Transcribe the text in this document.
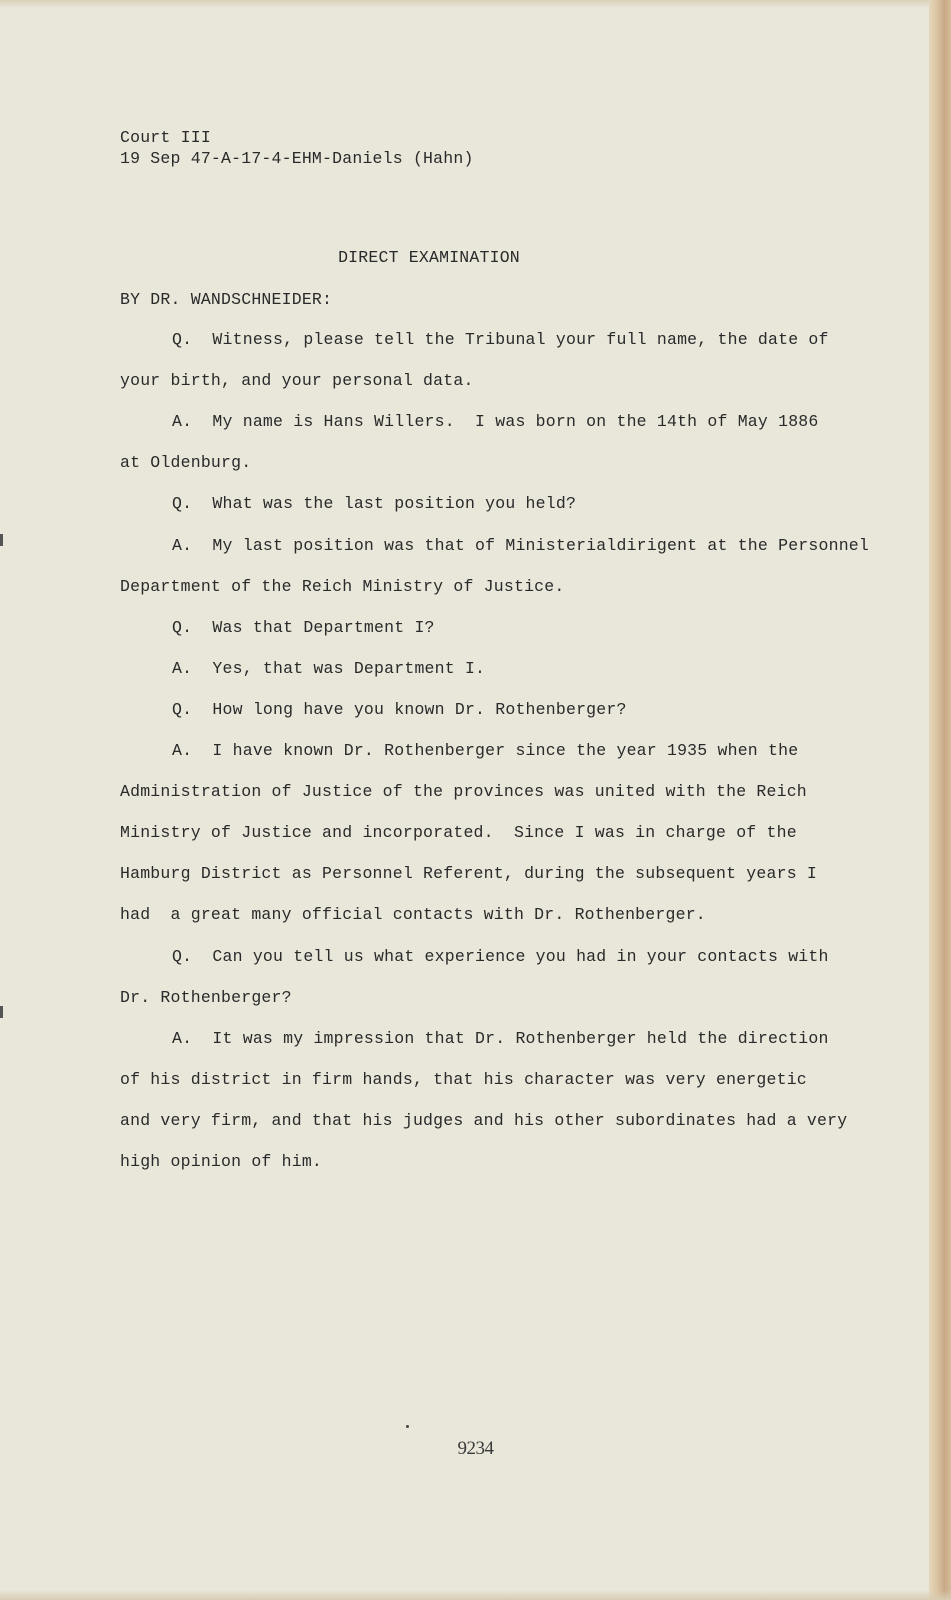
Court III
19 Sep 47-A-17-4-EHM-Daniels (Hahn)
DIRECT EXAMINATION
BY DR. WANDSCHNEIDER:
Q.  Witness, please tell the Tribunal your full name, the date of
your birth, and your personal data.
A.  My name is Hans Willers.  I was born on the 14th of May 1886
at Oldenburg.
Q.  What was the last position you held?
A.  My last position was that of Ministerialdirigent at the Personnel
Department of the Reich Ministry of Justice.
Q.  Was that Department I?
A.  Yes, that was Department I.
Q.  How long have you known Dr. Rothenberger?
A.  I have known Dr. Rothenberger since the year 1935 when the
Administration of Justice of the provinces was united with the Reich
Ministry of Justice and incorporated.  Since I was in charge of the
Hamburg District as Personnel Referent, during the subsequent years I
had  a great many official contacts with Dr. Rothenberger.
Q.  Can you tell us what experience you had in your contacts with
Dr. Rothenberger?
A.  It was my impression that Dr. Rothenberger held the direction
of his district in firm hands, that his character was very energetic
and very firm, and that his judges and his other subordinates had a very
high opinion of him.
9234
